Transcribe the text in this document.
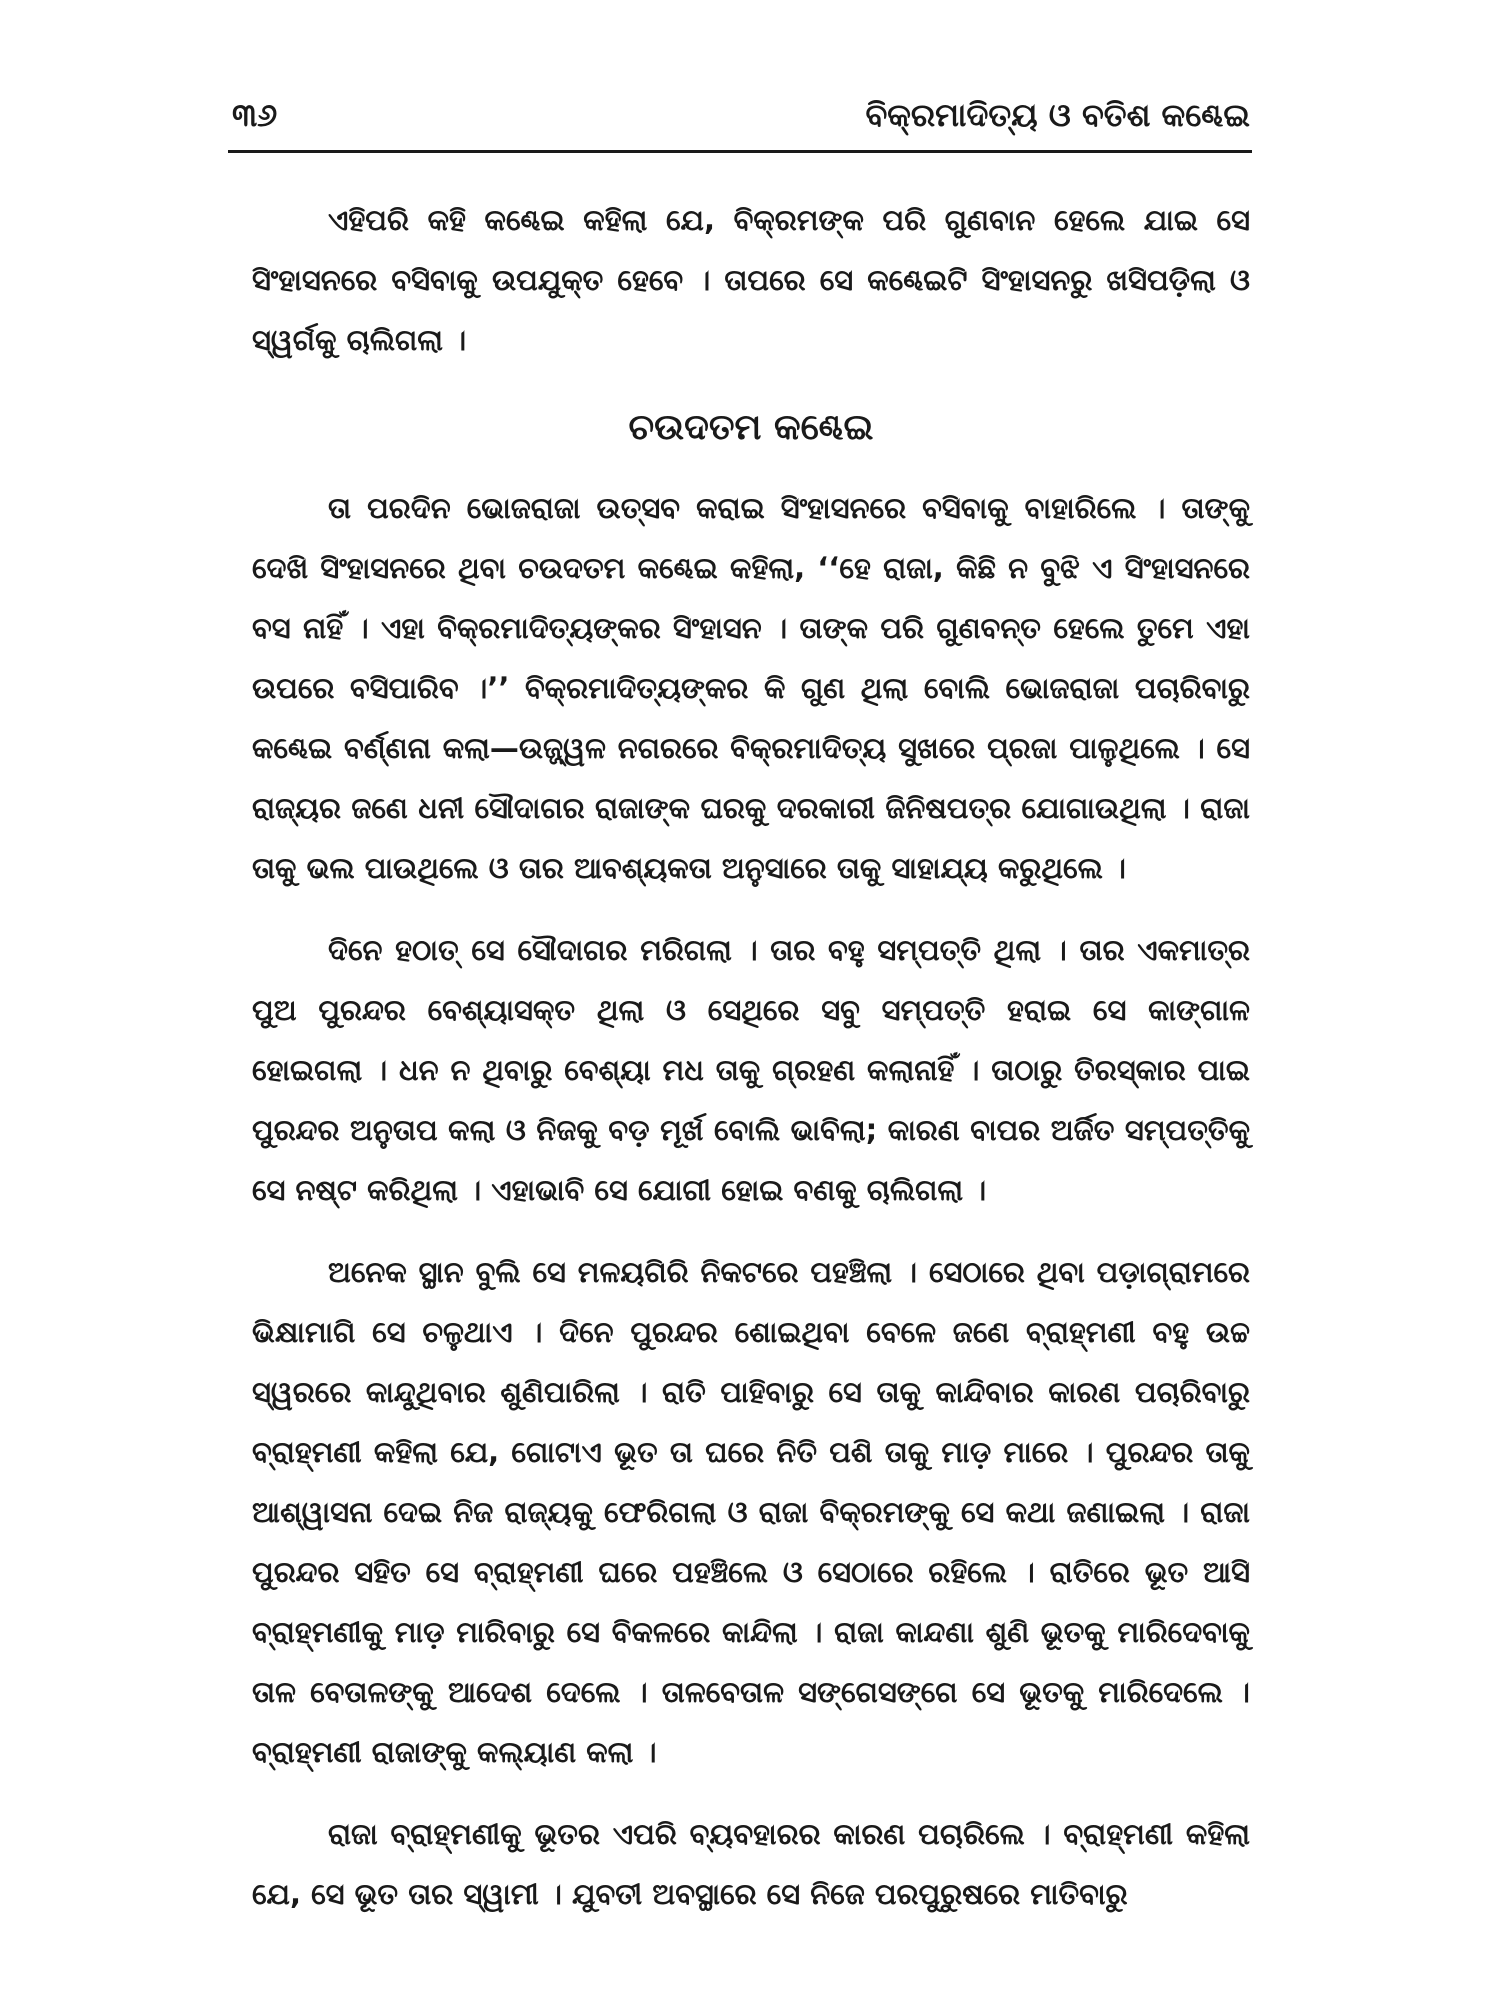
୩୬	ବିକ୍ରମାଦିତ୍ୟ ଓ ବତିଶ କଣ୍ଢେଇ

ଏହିପରି କହି କଣ୍ଢେଇ କହିଲା ଯେ, ବିକ୍ରମଙ୍କ ପରି ଗୁଣବାନ ହେଲେ ଯାଇ ସେ ସିଂହାସନରେ ବସିବାକୁ ଉପଯୁକ୍ତ ହେବେ । ତାପରେ ସେ କଣ୍ଢେଇଟି ସିଂହାସନରୁ ଖସିପଡ଼ିଲା ଓ ସ୍ୱର୍ଗକୁ ଚାଲିଗଲା ।

ଚଉଦତମ କଣ୍ଢେଇ

ତା ପରଦିନ ଭୋଜରାଜା ଉତ୍ସବ କରାଇ ସିଂହାସନରେ ବସିବାକୁ ବାହାରିଲେ । ତାଙ୍କୁ ଦେଖି ସିଂହାସନରେ ଥିବା ଚଉଦତମ କଣ୍ଢେଇ କହିଲା, ‘‘ହେ ରାଜା, କିଛି ନ ବୁଝି ଏ ସିଂହାସନରେ ବସ ନାହିଁ । ଏହା ବିକ୍ରମାଦିତ୍ୟଙ୍କର ସିଂହାସନ । ତାଙ୍କ ପରି ଗୁଣବନ୍ତ ହେଲେ ତୁମେ ଏହା ଉପରେ ବସିପାରିବ ।’’ ବିକ୍ରମାଦିତ୍ୟଙ୍କର କି ଗୁଣ ଥିଲା ବୋଲି ଭୋଜରାଜା ପଚାରିବାରୁ କଣ୍ଢେଇ ବର୍ଣ୍ଣନା କଲା—ଉଜ୍ଜ୍ୱଳ ନଗରରେ ବିକ୍ରମାଦିତ୍ୟ ସୁଖରେ ପ୍ରଜା ପାଳୁଥିଲେ । ସେ ରାଜ୍ୟର ଜଣେ ଧନୀ ସୌଦାଗର ରାଜାଙ୍କ ଘରକୁ ଦରକାରୀ ଜିନିଷପତ୍ର ଯୋଗାଉଥିଲା । ରାଜା ତାକୁ ଭଲ ପାଉଥିଲେ ଓ ତାର ଆବଶ୍ୟକତା ଅନୁସାରେ ତାକୁ ସାହାଯ୍ୟ କରୁଥିଲେ ।

ଦିନେ ହଠାତ୍ ସେ ସୌଦାଗର ମରିଗଲା । ତାର ବହୁ ସମ୍ପତ୍ତି ଥିଲା । ତାର ଏକମାତ୍ର ପୁଅ ପୁରନ୍ଦର ବେଶ୍ୟାସକ୍ତ ଥିଲା ଓ ସେଥିରେ ସବୁ ସମ୍ପତ୍ତି ହରାଇ ସେ କାଙ୍ଗାଳ ହୋଇଗଲା । ଧନ ନ ଥିବାରୁ ବେଶ୍ୟା ମଧ ତାକୁ ଗ୍ରହଣ କଲାନାହିଁ । ତାଠାରୁ ତିରସ୍କାର ପାଇ ପୁରନ୍ଦର ଅନୁତାପ କଲା ଓ ନିଜକୁ ବଡ଼ ମୂର୍ଖ ବୋଲି ଭାବିଲା; କାରଣ ବାପର ଅର୍ଜିତ ସମ୍ପତ୍ତିକୁ ସେ ନଷ୍ଟ କରିଥିଲା । ଏହାଭାବି ସେ ଯୋଗୀ ହୋଇ ବଣକୁ ଚାଲିଗଲା ।

ଅନେକ ସ୍ଥାନ ବୁଲି ସେ ମଳୟଗିରି ନିକଟରେ ପହଞ୍ଚିଲା । ସେଠାରେ ଥିବା ପଡ଼ାଗ୍ରାମରେ ଭିକ୍ଷାମାଗି ସେ ଚଳୁଥାଏ । ଦିନେ ପୁରନ୍ଦର ଶୋଇଥିବା ବେଳେ ଜଣେ ବ୍ରାହ୍ମଣୀ ବହୁ ଉଚ୍ଚ ସ୍ୱରରେ କାନ୍ଦୁଥିବାର ଶୁଣିପାରିଲା । ରାତି ପାହିବାରୁ ସେ ତାକୁ କାନ୍ଦିବାର କାରଣ ପଚାରିବାରୁ ବ୍ରାହ୍ମଣୀ କହିଲା ଯେ, ଗୋଟାଏ ଭୂତ ତା ଘରେ ନିତି ପଶି ତାକୁ ମାଡ଼ ମାରେ । ପୁରନ୍ଦର ତାକୁ ଆଶ୍ୱାସନା ଦେଇ ନିଜ ରାଜ୍ୟକୁ ଫେରିଗଲା ଓ ରାଜା ବିକ୍ରମଙ୍କୁ ସେ କଥା ଜଣାଇଲା । ରାଜା ପୁରନ୍ଦର ସହିତ ସେ ବ୍ରାହ୍ମଣୀ ଘରେ ପହଞ୍ଚିଲେ ଓ ସେଠାରେ ରହିଲେ । ରାତିରେ ଭୂତ ଆସି ବ୍ରାହ୍ମଣୀକୁ ମାଡ଼ ମାରିବାରୁ ସେ ବିକଳରେ କାନ୍ଦିଲା । ରାଜା କାନ୍ଦଣା ଶୁଣି ଭୂତକୁ ମାରିଦେବାକୁ ତାଳ ବେତାଳଙ୍କୁ ଆଦେଶ ଦେଲେ । ତାଳବେତାଳ ସଙ୍ଗେସଙ୍ଗେ ସେ ଭୂତକୁ ମାରିଦେଲେ । ବ୍ରାହ୍ମଣୀ ରାଜାଙ୍କୁ କଲ୍ୟାଣ କଲା ।

ରାଜା ବ୍ରାହ୍ମଣୀକୁ ଭୂତର ଏପରି ବ୍ୟବହାରର କାରଣ ପଚାରିଲେ । ବ୍ରାହ୍ମଣୀ କହିଲା ଯେ, ସେ ଭୂତ ତାର ସ୍ୱାମୀ । ଯୁବତୀ ଅବସ୍ଥାରେ ସେ ନିଜେ ପରପୁରୁଷରେ ମାତିବାରୁ
